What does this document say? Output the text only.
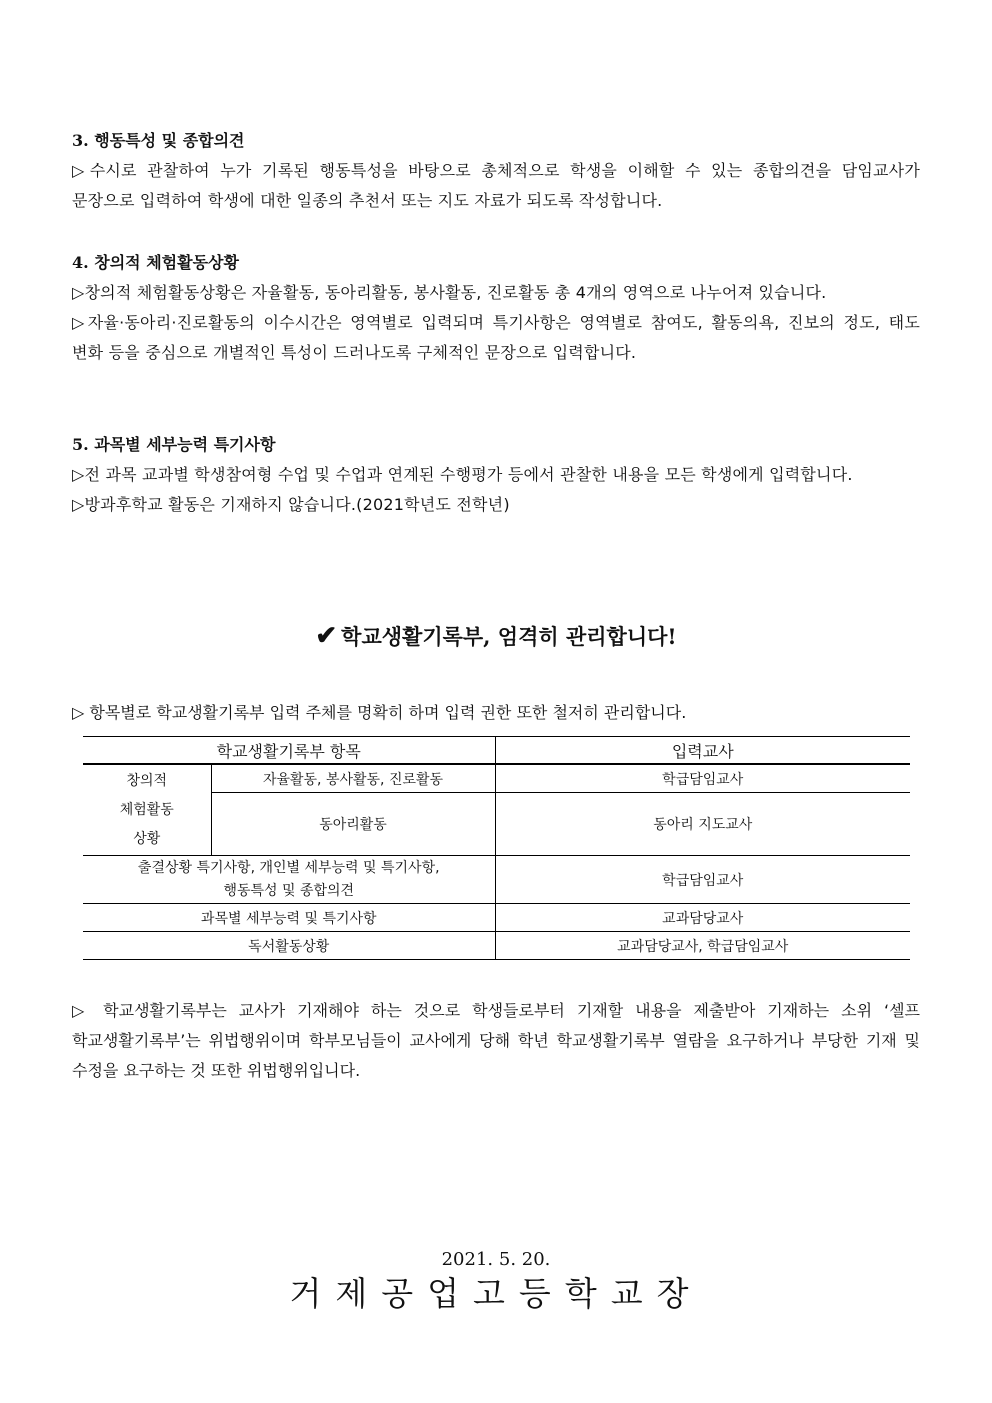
3. 행동특성 및 종합의견
▷수시로 관찰하여 누가 기록된 행동특성을 바탕으로 총체적으로 학생을 이해할 수 있는 종합의견을 담임교사가 문장으로 입력하여 학생에 대한 일종의 추천서 또는 지도 자료가 되도록 작성합니다.
4. 창의적 체험활동상황
▷창의적 체험활동상황은 자율활동, 동아리활동, 봉사활동, 진로활동 총 4개의 영역으로 나누어져 있습니다.
▷자율·동아리·진로활동의 이수시간은 영역별로 입력되며 특기사항은 영역별로 참여도, 활동의욕, 진보의 정도, 태도 변화 등을 중심으로 개별적인 특성이 드러나도록 구체적인 문장으로 입력합니다.
5. 과목별 세부능력 특기사항
▷전 과목 교과별 학생참여형 수업 및 수업과 연계된 수행평가 등에서 관찰한 내용을 모든 학생에게 입력합니다.
▷방과후학교 활동은 기재하지 않습니다.(2021학년도 전학년)
✔ 학교생활기록부, 엄격히 관리합니다!
▷ 항목별로 학교생활기록부 입력 주체를 명확히 하며 입력 권한 또한 철저히 관리합니다.
학교생활기록부 항목		입력교사

창의적
체험활동
상황	자율활동, 봉사활동, 진로활동	학급담임교사
	동아리활동	동아리 지도교사

출결상황 특기사항, 개인별 세부능력 및 특기사항,
행동특성 및 종합의견		학급담임교사
과목별 세부능력 및 특기사항		교과담당교사
독서활동상황		교과담당교사, 학급담임교사
▷ 학교생활기록부는 교사가 기재해야 하는 것으로 학생들로부터 기재할 내용을 제출받아 기재하는 소위 ‘셀프 학교생활기록부’는 위법행위이며 학부모님들이 교사에게 당해 학년 학교생활기록부 열람을 요구하거나 부당한 기재 및 수정을 요구하는 것 또한 위법행위입니다.
2021. 5. 20.
거제공업고등학교장
